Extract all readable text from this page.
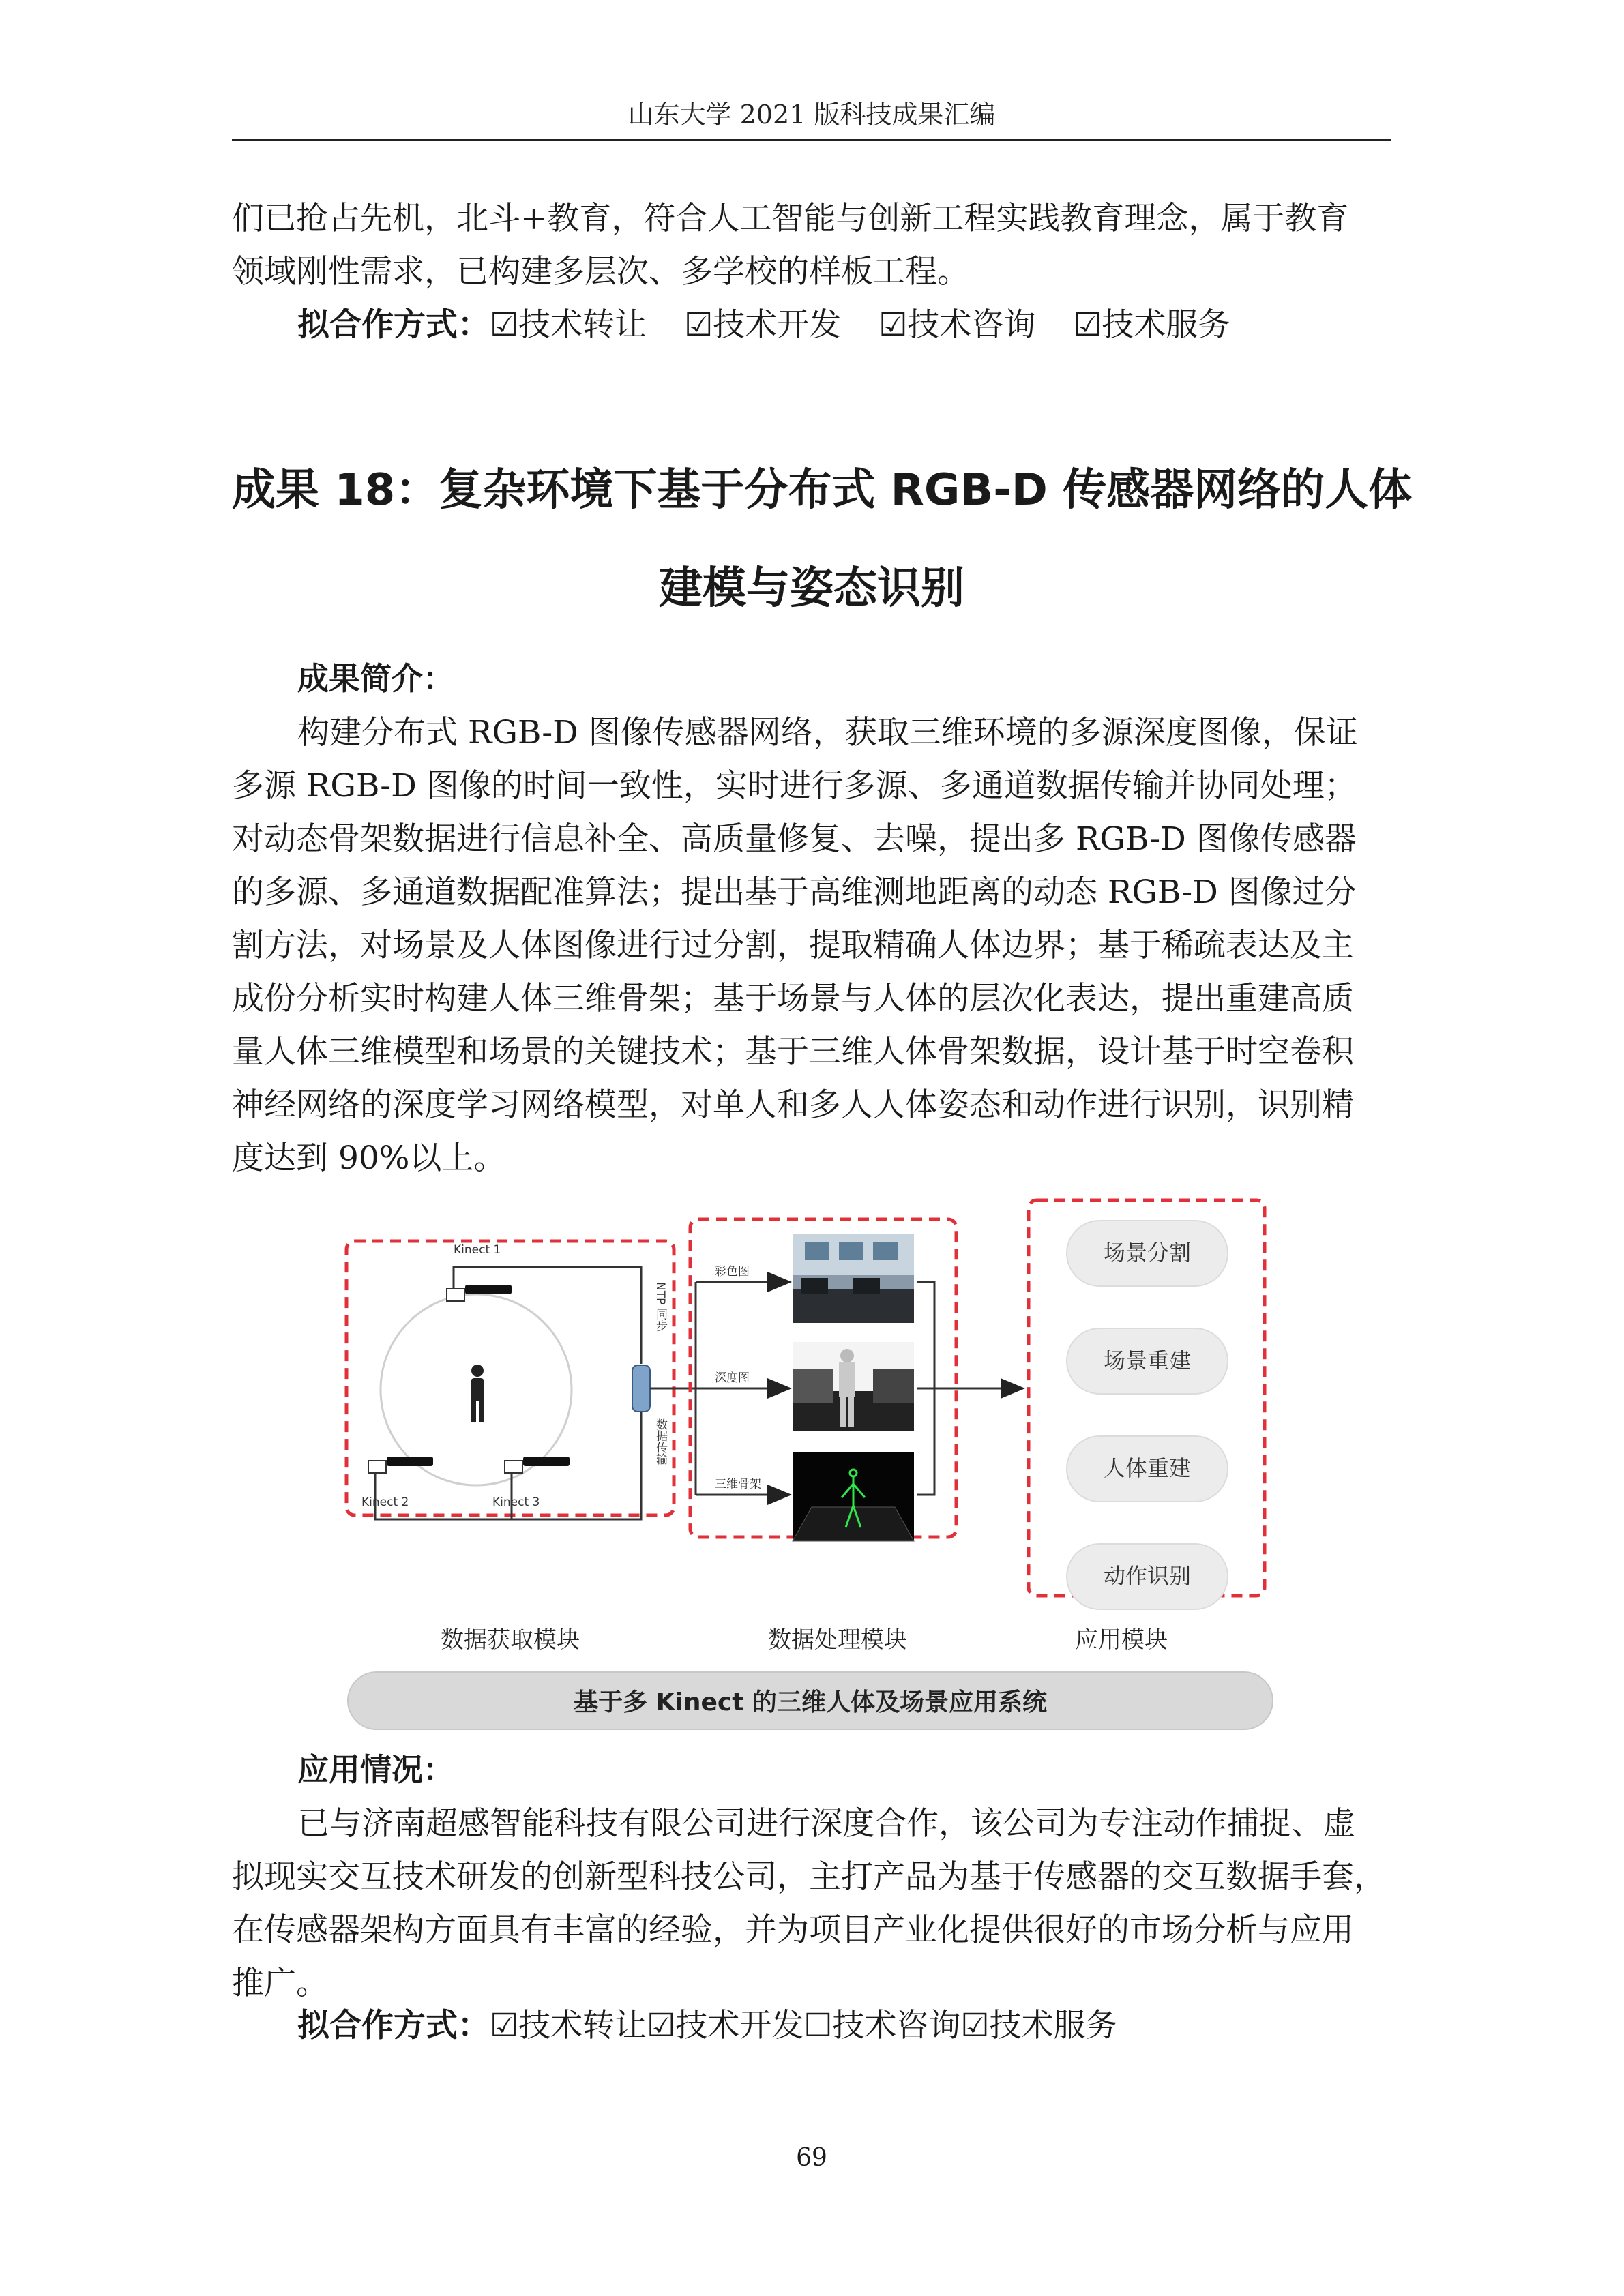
山东大学 2021 版科技成果汇编
们已抢占先机，北斗+教育，符合人工智能与创新工程实践教育理念，属于教育
领域刚性需求，已构建多层次、多学校的样板工程。
拟合作方式：☑技术转让 ☑技术开发 ☑技术咨询 ☑技术服务
成果 18：复杂环境下基于分布式 RGB-D 传感器网络的人体
建模与姿态识别
成果简介：
构建分布式 RGB-D 图像传感器网络，获取三维环境的多源深度图像，保证
多源 RGB-D 图像的时间一致性，实时进行多源、多通道数据传输并协同处理；
对动态骨架数据进行信息补全、高质量修复、去噪，提出多 RGB-D 图像传感器
的多源、多通道数据配准算法；提出基于高维测地距离的动态 RGB-D 图像过分
割方法，对场景及人体图像进行过分割，提取精确人体边界；基于稀疏表达及主
成份分析实时构建人体三维骨架；基于场景与人体的层次化表达，提出重建高质
量人体三维模型和场景的关键技术；基于三维人体骨架数据，设计基于时空卷积
神经网络的深度学习网络模型，对单人和多人人体姿态和动作进行识别，识别精
度达到 90%以上。
Kinect 1
Kinect 2	Kinect 3
NTP 同步
数据传输
彩色图
深度图
三维骨架
场景分割
场景重建
人体重建
动作识别
数据获取模块	数据处理模块	应用模块
基于多 Kinect 的三维人体及场景应用系统
应用情况：
已与济南超感智能科技有限公司进行深度合作，该公司为专注动作捕捉、虚
拟现实交互技术研发的创新型科技公司，主打产品为基于传感器的交互数据手套，
在传感器架构方面具有丰富的经验，并为项目产业化提供很好的市场分析与应用
推广。
拟合作方式：☑技术转让☑技术开发☐技术咨询☑技术服务
69
